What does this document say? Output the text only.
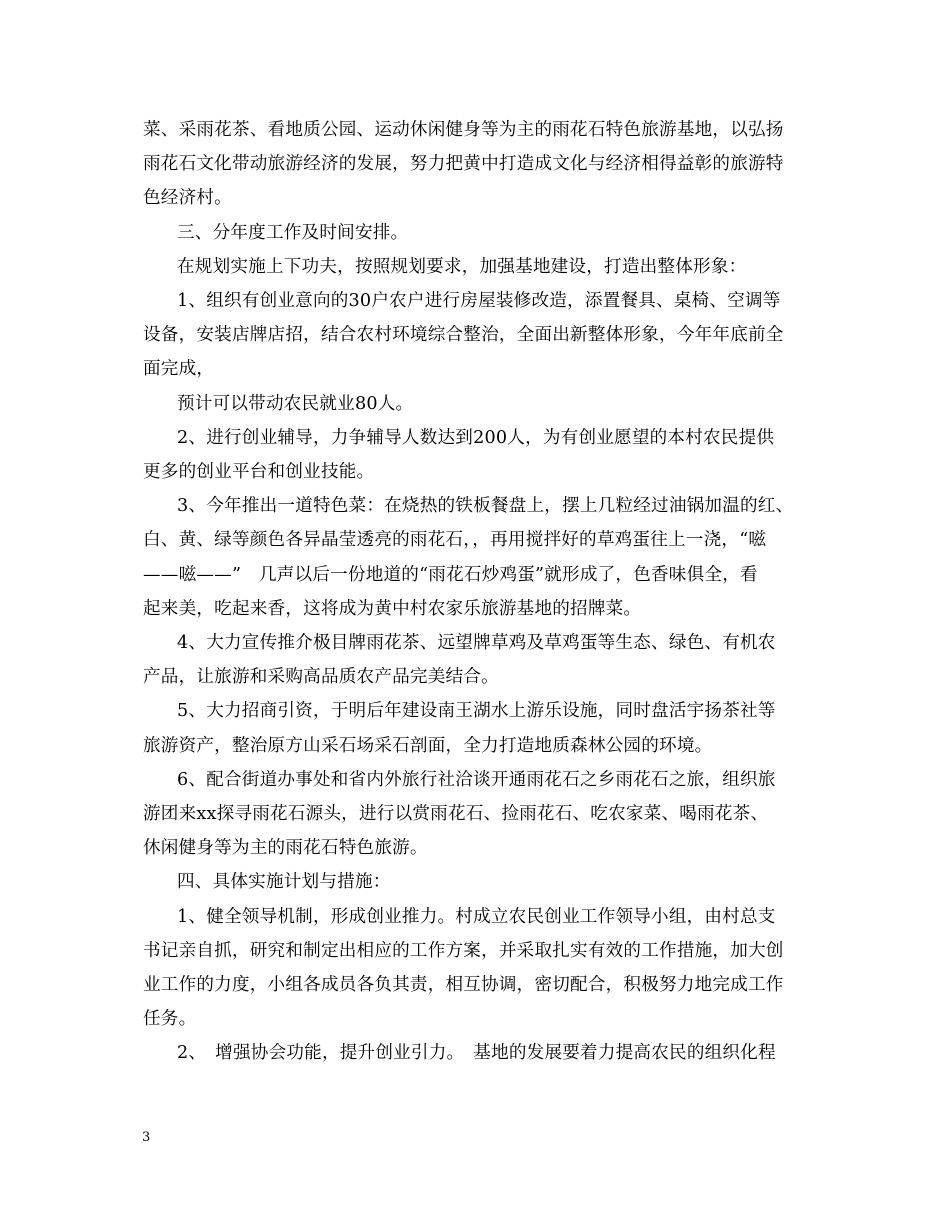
菜、采雨花茶、看地质公园、运动休闲健身等为主的雨花石特色旅游基地，以弘扬
雨花石文化带动旅游经济的发展，努力把黄中打造成文化与经济相得益彰的旅游特
色经济村。
三、分年度工作及时间安排。
在规划实施上下功夫，按照规划要求，加强基地建设，打造出整体形象：
1、组织有创业意向的30户农户进行房屋装修改造，添置餐具、桌椅、空调等
设备，安装店牌店招，结合农村环境综合整治，全面出新整体形象，今年年底前全
面完成，
预计可以带动农民就业80人。
2、进行创业辅导，力争辅导人数达到200人，为有创业愿望的本村农民提供
更多的创业平台和创业技能。
3、今年推出一道特色菜：在烧热的铁板餐盘上，摆上几粒经过油锅加温的红、
白、黄、绿等颜色各异晶莹透亮的雨花石，，再用搅拌好的草鸡蛋往上一浇，“嗞
——嗞——”　几声以后一份地道的“雨花石炒鸡蛋”就形成了，色香味俱全，看
起来美，吃起来香，这将成为黄中村农家乐旅游基地的招牌菜。
4、大力宣传推介极目牌雨花茶、远望牌草鸡及草鸡蛋等生态、绿色、有机农
产品，让旅游和采购高品质农产品完美结合。
5、大力招商引资，于明后年建设南王湖水上游乐设施，同时盘活宇扬茶社等
旅游资产，整治原方山采石场采石剖面，全力打造地质森林公园的环境。
6、配合街道办事处和省内外旅行社洽谈开通雨花石之乡雨花石之旅，组织旅
游团来xx探寻雨花石源头，进行以赏雨花石、捡雨花石、吃农家菜、喝雨花茶、
休闲健身等为主的雨花石特色旅游。
四、具体实施计划与措施：
1、健全领导机制，形成创业推力。村成立农民创业工作领导小组，由村总支
书记亲自抓，研究和制定出相应的工作方案，并采取扎实有效的工作措施，加大创
业工作的力度，小组各成员各负其责，相互协调，密切配合，积极努力地完成工作
任务。
2、　增强协会功能，提升创业引力。　基地的发展要着力提高农民的组织化程
3
